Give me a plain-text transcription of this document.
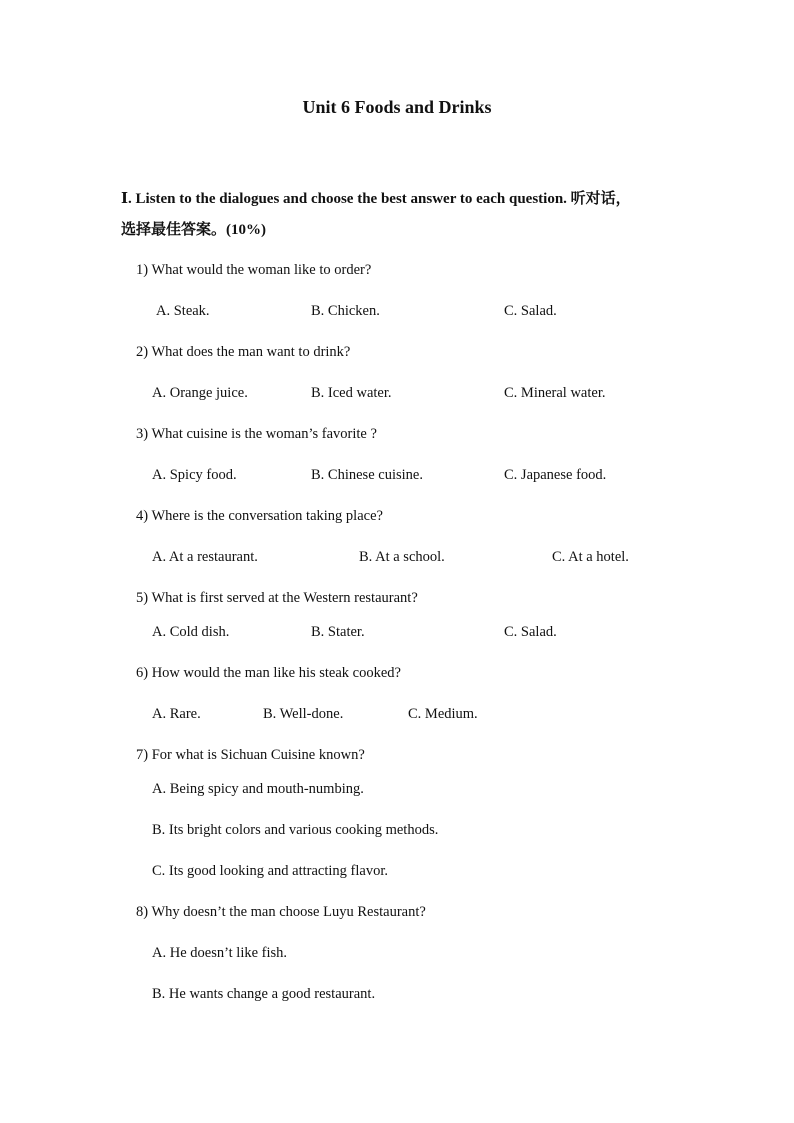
Unit 6 Foods and Drinks
Ⅰ. Listen to the dialogues and choose the best answer to each question. 听对话，
选择最佳答案。(10%)
1) What would the woman like to order?
A. Steak.	B. Chicken.	C. Salad.
2) What does the man want to drink?
A. Orange juice.	B. Iced water.	C. Mineral water.
3) What cuisine is the woman’s favorite ?
A. Spicy food.	B. Chinese cuisine.	C. Japanese food.
4) Where is the conversation taking place?
A. At a restaurant.	B. At a school.	C. At a hotel.
5) What is first served at the Western restaurant?
A. Cold dish.	B. Stater.	C. Salad.
6) How would the man like his steak cooked?
A. Rare.	B. Well-done.	C. Medium.
7) For what is Sichuan Cuisine known?
A. Being spicy and mouth-numbing.
B. Its bright colors and various cooking methods.
C. Its good looking and attracting flavor.
8) Why doesn’t the man choose Luyu Restaurant?
A. He doesn’t like fish.
B. He wants change a good restaurant.
